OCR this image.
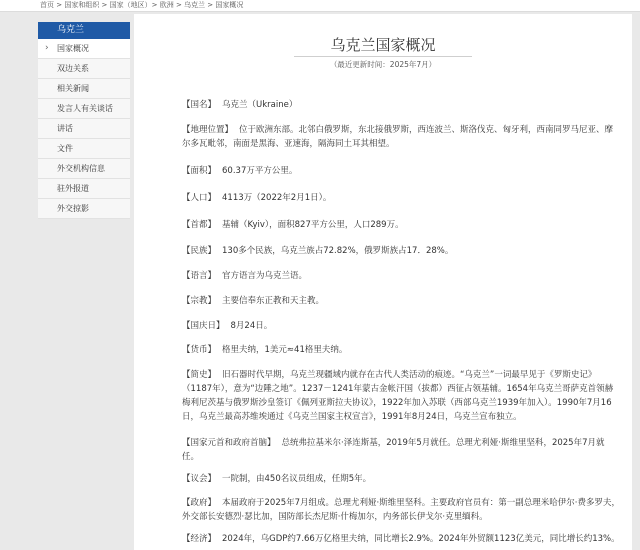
首页 > 国家和组织 > 国家（地区）> 欧洲 > 乌克兰 > 国家概况
乌克兰
› 国家概况
双边关系
相关新闻
发言人有关谈话
讲话
文件
外交机构信息
驻外报道
外交掠影
乌克兰国家概况
（最近更新时间：2025年7月）
【国名】 乌克兰（Ukraine）
【地理位置】 位于欧洲东部。北邻白俄罗斯，东北接俄罗斯，西连波兰、斯洛伐克、匈牙利，西南同罗马尼亚、摩尔多瓦毗邻，南面是黑海、亚速海，隔海同土耳其相望。
【面积】 60.37万平方公里。
【人口】 4113万（2022年2月1日）。
【首都】 基辅（Kyiv），面积827平方公里，人口289万。
【民族】 130多个民族，乌克兰族占72.82%，俄罗斯族占17．28%。
【语言】 官方语言为乌克兰语。
【宗教】 主要信奉东正教和天主教。
【国庆日】 8月24日。
【货币】 格里夫纳，1美元≈41格里夫纳。
【简史】 旧石器时代早期，乌克兰现疆域内就存在古代人类活动的痕迹。“乌克兰”一词最早见于《罗斯史记》（1187年），意为“边陲之地”。1237－1241年蒙古金帐汗国（拔都）西征占领基辅。1654年乌克兰哥萨克首领赫梅利尼茨基与俄罗斯沙皇签订《佩列亚斯拉夫协议》，1922年加入苏联（西部乌克兰1939年加入）。1990年7月16日，乌克兰最高苏维埃通过《乌克兰国家主权宣言》，1991年8月24日，乌克兰宣布独立。
【国家元首和政府首脑】 总统弗拉基米尔·泽连斯基，2019年5月就任。总理尤利娅·斯维里坚科，2025年7月就任。
【议会】 一院制，由450名议员组成，任期5年。
【政府】 本届政府于2025年7月组成。总理尤利娅·斯维里坚科。主要政府官员有：第一副总理米哈伊尔·费多罗夫，外交部长安德烈·瑟比加，国防部长杰尼斯·什梅加尔，内务部长伊戈尔·克里缅科。
【经济】 2024年，乌GDP约7.66万亿格里夫纳，同比增长2.9%。2024年外贸额1123亿美元，同比增长约13%。
